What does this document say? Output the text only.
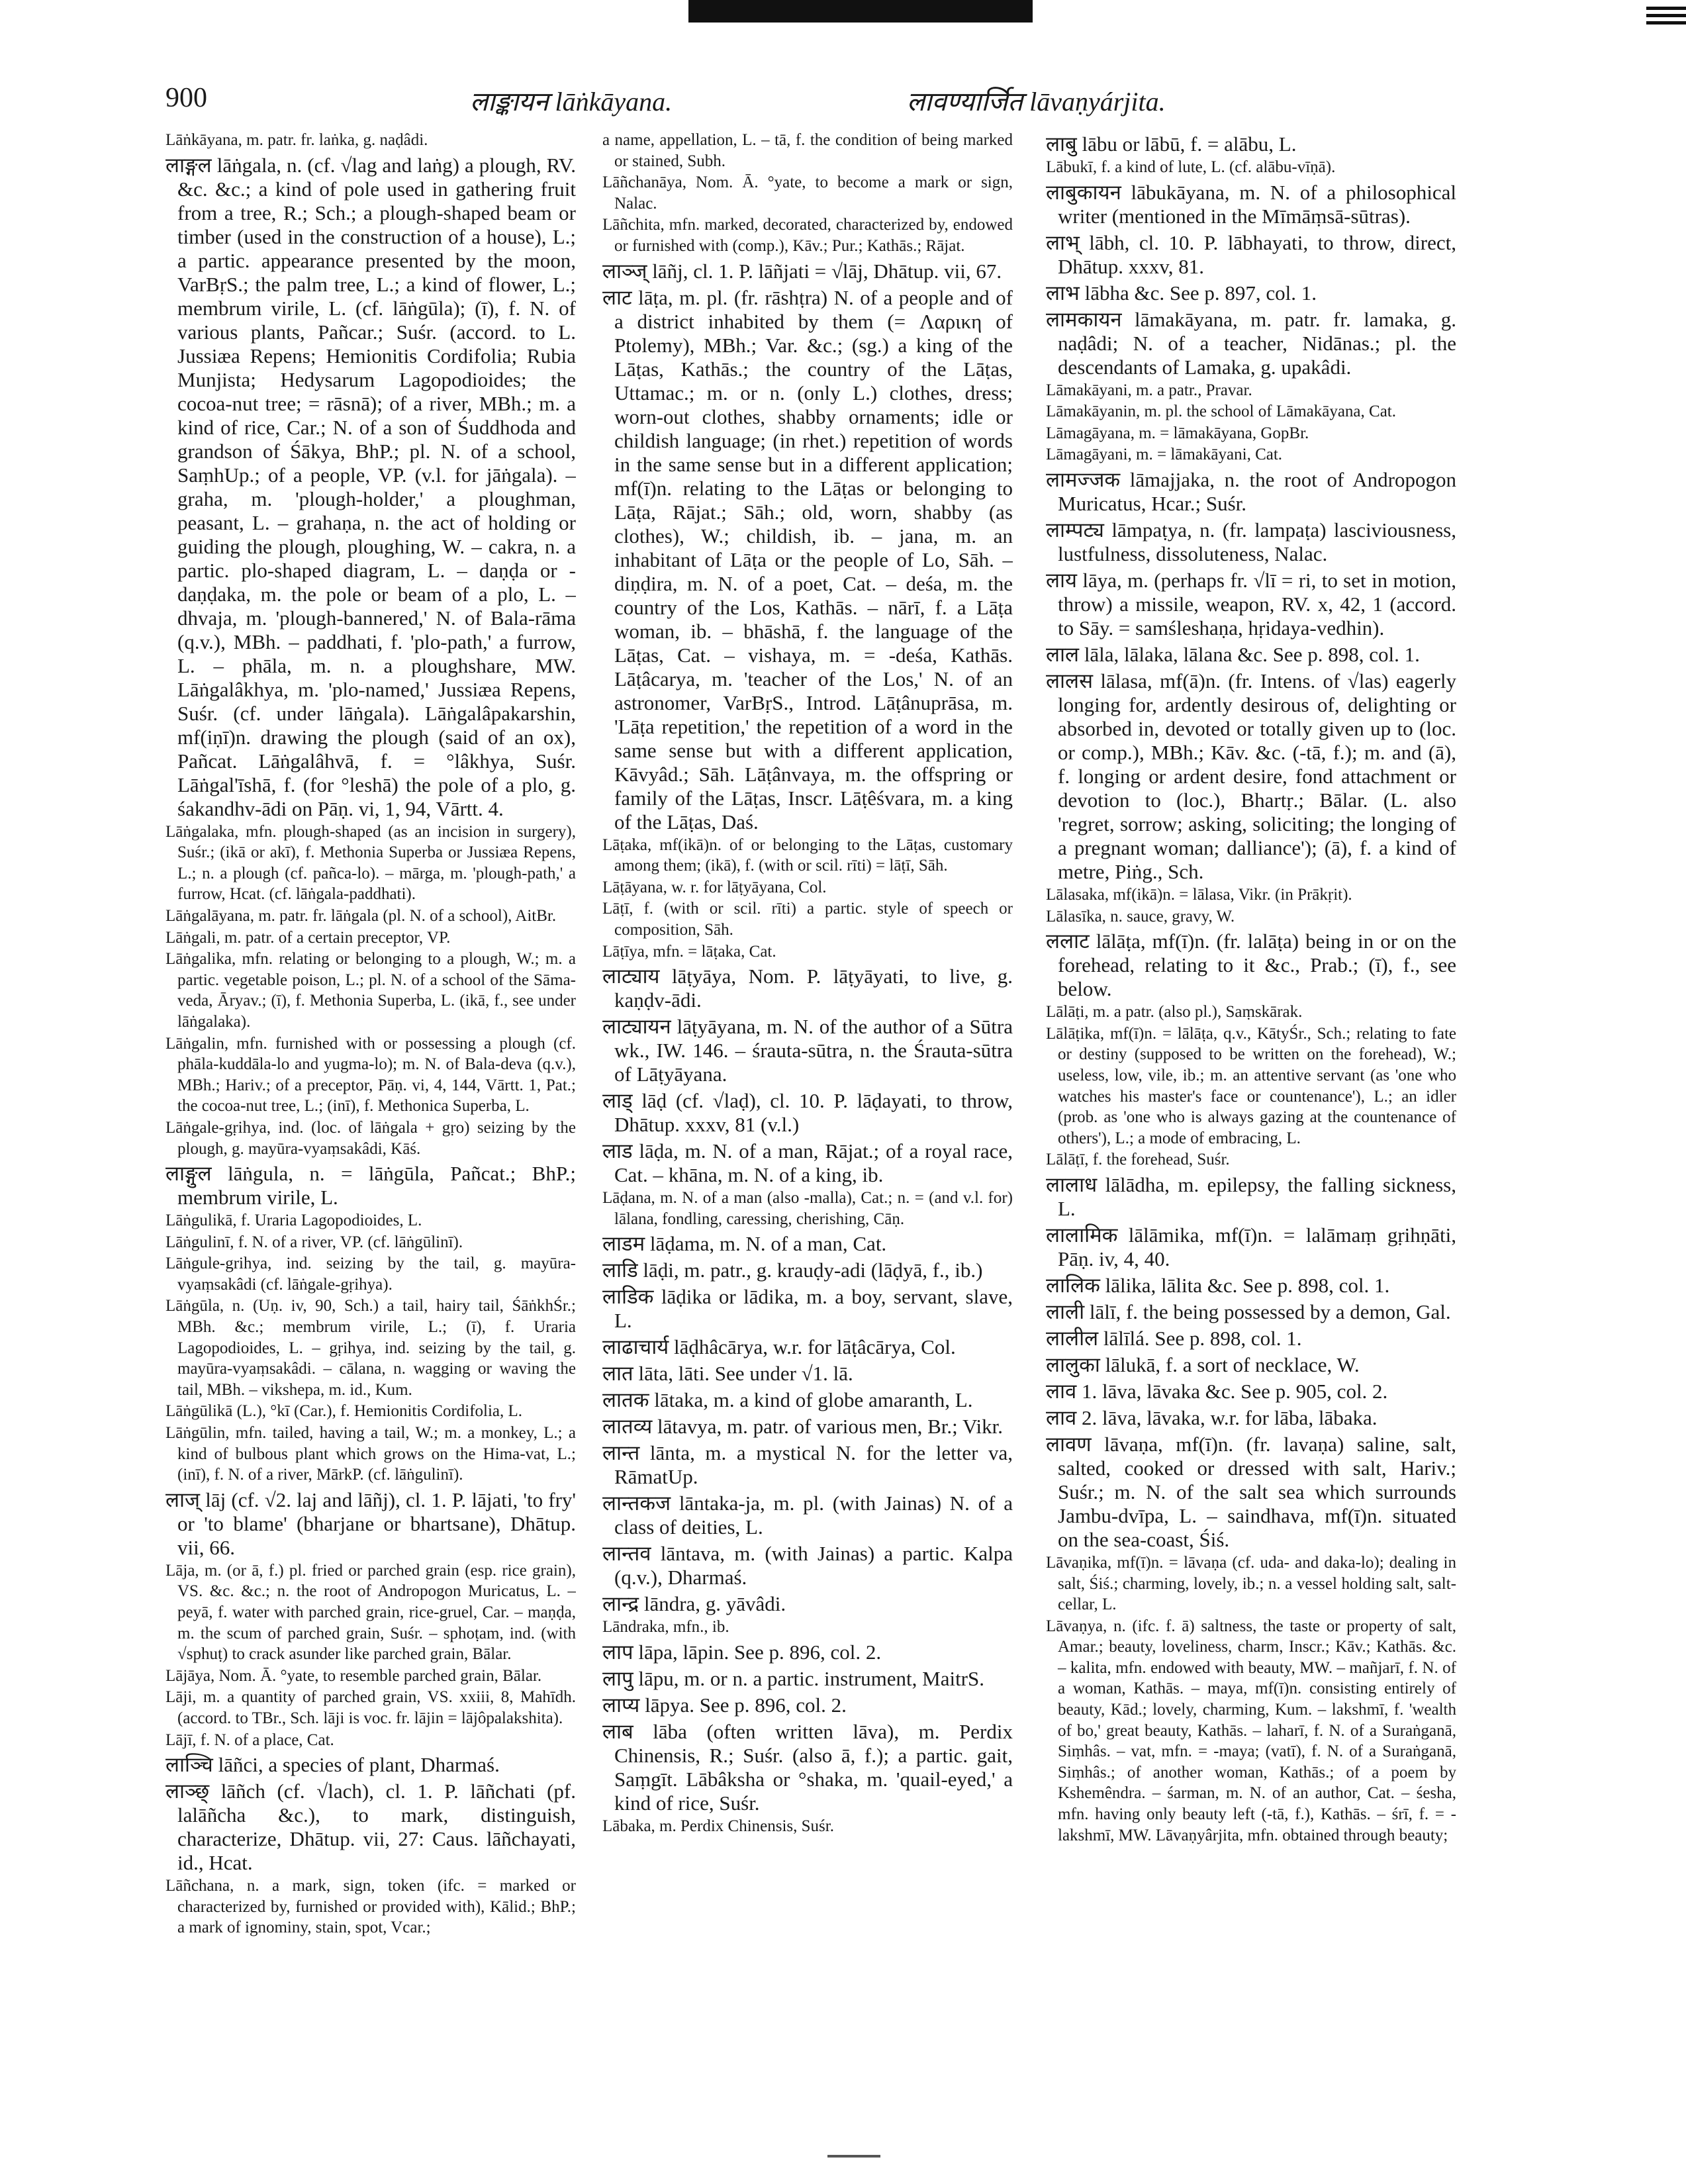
900	लाङ्कायन lāṅkāyana.	लावण्यार्जित lāvaṇyárjita.

Lāṅkāyana, m. patr. fr. laṅka, g. naḍâdi.

लाङ्गल lāṅgala, n. (cf. √lag and laṅg) a plough, RV. &c. &c.; a kind of pole used in gathering fruit from a tree, R.; Sch.; a plough-shaped beam or timber (used in the construction of a house), L.; a partic. appearance presented by the moon, VarBṛS.; the palm tree, L.; a kind of flower, L.; membrum virile, L. (cf. lāṅgūla); (ī), f. N. of various plants, Pañcar.; Suśr. (accord. to L. Jussiæa Repens; Hemionitis Cordifolia; Rubia Munjista; Hedysarum Lagopodioides; the cocoa-nut tree; = rāsnā); of a river, MBh.; m. a kind of rice, Car.; N. of a son of Śuddhoda and grandson of Śākya, BhP.; pl. N. of a school, SaṃhUp.; of a people, VP. (v.l. for jāṅgala). – graha, m. 'plough-holder,' a ploughman, peasant, L. – grahaṇa, n. the act of holding or guiding the plough, ploughing, W. – cakra, n. a partic. plo-shaped diagram, L. – daṇḍa or -daṇḍaka, m. the pole or beam of a plo, L. – dhvaja, m. 'plough-bannered,' N. of Bala-rāma (q.v.), MBh. – paddhati, f. 'plo-path,' a furrow, L. – phāla, m. n. a ploughshare, MW. Lāṅgalâkhya, m. 'plo-named,' Jussiæa Repens, Suśr. (cf. under lāṅgala). Lāṅgalâpakarshin, mf(iṇī)n. drawing the plough (said of an ox), Pañcat. Lāṅgalâhvā, f. = °lâkhya, Suśr. Lāṅgal'īshā, f. (for °leshā) the pole of a plo, g. śakandhv-ādi on Pāṇ. vi, 1, 94, Vārtt. 4.

Lāṅgalaka, mfn. plough-shaped (as an incision in surgery), Suśr.; (ikā or akī), f. Methonia Superba or Jussiæa Repens, L.; n. a plough (cf. pañca-lo). – mārga, m. 'plough-path,' a furrow, Hcat. (cf. lāṅgala-paddhati).

Lāṅgalāyana, m. patr. fr. lāṅgala (pl. N. of a school), AitBr.

Lāṅgali, m. patr. of a certain preceptor, VP.

Lāṅgalika, mfn. relating or belonging to a plough, W.; m. a partic. vegetable poison, L.; pl. N. of a school of the Sāma-veda, Āryav.; (ī), f. Methonia Superba, L. (ikā, f., see under lāṅgalaka).

Lāṅgalin, mfn. furnished with or possessing a plough (cf. phāla-kuddāla-lo and yugma-lo); m. N. of Bala-deva (q.v.), MBh.; Hariv.; of a preceptor, Pāṇ. vi, 4, 144, Vārtt. 1, Pat.; the cocoa-nut tree, L.; (inī), f. Methonica Superba, L.

Lāṅgale-gṛihya, ind. (loc. of lāṅgala + gṛo) seizing by the plough, g. mayūra-vyaṃsakâdi, Kāś.

लाङ्गुल lāṅgula, n. = lāṅgūla, Pañcat.; BhP.; membrum virile, L.

Lāṅgulikā, f. Uraria Lagopodioides, L.

Lāṅgulinī, f. N. of a river, VP. (cf. lāṅgūlinī).

Lāṅgule-grihya, ind. seizing by the tail, g. mayūra-vyaṃsakâdi (cf. lāṅgale-gṛihya).

Lāṅgūla, n. (Uṇ. iv, 90, Sch.) a tail, hairy tail, ŚāṅkhŚr.; MBh. &c.; membrum virile, L.; (ī), f. Uraria Lagopodioides, L. – gṛihya, ind. seizing by the tail, g. mayūra-vyaṃsakâdi. – cālana, n. wagging or waving the tail, MBh. – vikshepa, m. id., Kum.

Lāṅgūlikā (L.), °kī (Car.), f. Hemionitis Cordifolia, L.

Lāṅgūlin, mfn. tailed, having a tail, W.; m. a monkey, L.; a kind of bulbous plant which grows on the Hima-vat, L.; (inī), f. N. of a river, MārkP. (cf. lāṅgulinī).

लाज् lāj (cf. √2. laj and lāñj), cl. 1. P. lājati, 'to fry' or 'to blame' (bharjane or bhartsane), Dhātup. vii, 66.

Lāja, m. (or ā, f.) pl. fried or parched grain (esp. rice grain), VS. &c. &c.; n. the root of Andropogon Muricatus, L. – peyā, f. water with parched grain, rice-gruel, Car. – maṇḍa, m. the scum of parched grain, Suśr. – sphoṭam, ind. (with √sphuṭ) to crack asunder like parched grain, Bālar.

Lājāya, Nom. Ā. °yate, to resemble parched grain, Bālar.

Lāji, m. a quantity of parched grain, VS. xxiii, 8, Mahīdh. (accord. to TBr., Sch. lāji is voc. fr. lājin = lājôpalakshita).

Lājī, f. N. of a place, Cat.

लाञ्चि lāñci, a species of plant, Dharmaś.

लाञ्छ् lāñch (cf. √lach), cl. 1. P. lāñchati (pf. lalāñcha &c.), to mark, distinguish, characterize, Dhātup. vii, 27: Caus. lāñchayati, id., Hcat.

Lāñchana, n. a mark, sign, token (ifc. = marked or characterized by, furnished or provided with), Kālid.; BhP.; a mark of ignominy, stain, spot, Vcar.;

a name, appellation, L. – tā, f. the condition of being marked or stained, Subh.

Lāñchanāya, Nom. Ā. °yate, to become a mark or sign, Nalac.

Lāñchita, mfn. marked, decorated, characterized by, endowed or furnished with (comp.), Kāv.; Pur.; Kathās.; Rājat.

लाञ्ज् lāñj, cl. 1. P. lāñjati = √lāj, Dhātup. vii, 67.

लाट lāṭa, m. pl. (fr. rāshṭra) N. of a people and of a district inhabited by them (= Λαρικη of Ptolemy), MBh.; Var. &c.; (sg.) a king of the Lāṭas, Kathās.; the country of the Lāṭas, Uttamac.; m. or n. (only L.) clothes, dress; worn-out clothes, shabby ornaments; idle or childish language; (in rhet.) repetition of words in the same sense but in a different application; mf(ī)n. relating to the Lāṭas or belonging to Lāṭa, Rājat.; Sāh.; old, worn, shabby (as clothes), W.; childish, ib. – jana, m. an inhabitant of Lāṭa or the people of Lo, Sāh. – diṇḍira, m. N. of a poet, Cat. – deśa, m. the country of the Los, Kathās. – nārī, f. a Lāṭa woman, ib. – bhāshā, f. the language of the Lāṭas, Cat. – vishaya, m. = -deśa, Kathās. Lāṭâcarya, m. 'teacher of the Los,' N. of an astronomer, VarBṛS., Introd. Lāṭânuprāsa, m. 'Lāṭa repetition,' the repetition of a word in the same sense but with a different application, Kāvyâd.; Sāh. Lāṭânvaya, m. the offspring or family of the Lāṭas, Inscr. Lāṭêśvara, m. a king of the Lāṭas, Daś.

Lāṭaka, mf(ikā)n. of or belonging to the Lāṭas, customary among them; (ikā), f. (with or scil. rīti) = lāṭī, Sāh.

Lāṭāyana, w. r. for lāṭyāyana, Col.

Lāṭī, f. (with or scil. rīti) a partic. style of speech or composition, Sāh.

Lāṭīya, mfn. = lāṭaka, Cat.

लाट्याय lāṭyāya, Nom. P. lāṭyāyati, to live, g. kaṇḍv-ādi.

लाट्यायन lāṭyāyana, m. N. of the author of a Sūtra wk., IW. 146. – śrauta-sūtra, n. the Śrauta-sūtra of Lāṭyāyana.

लाड् lāḍ (cf. √laḍ), cl. 10. P. lāḍayati, to throw, Dhātup. xxxv, 81 (v.l.)

लाड lāḍa, m. N. of a man, Rājat.; of a royal race, Cat. – khāna, m. N. of a king, ib.

Lāḍana, m. N. of a man (also -malla), Cat.; n. = (and v.l. for) lālana, fondling, caressing, cherishing, Cāṇ.

लाडम lāḍama, m. N. of a man, Cat.

लाडि lāḍi, m. patr., g. krauḍy-adi (lāḍyā, f., ib.)

लाडिक lāḍika or lādika, m. a boy, servant, slave, L.

लाढाचार्य lāḍhâcārya, w.r. for lāṭâcārya, Col.

लात lāta, lāti. See under √1. lā.

लातक lātaka, m. a kind of globe amaranth, L.

लातव्य lātavya, m. patr. of various men, Br.; Vikr.

लान्त lānta, m. a mystical N. for the letter va, RāmatUp.

लान्तकज lāntaka-ja, m. pl. (with Jainas) N. of a class of deities, L.

लान्तव lāntava, m. (with Jainas) a partic. Kalpa (q.v.), Dharmaś.

लान्द्र lāndra, g. yāvâdi.

Lāndraka, mfn., ib.

लाप lāpa, lāpin. See p. 896, col. 2.

लापु lāpu, m. or n. a partic. instrument, MaitrS.

लाप्य lāpya. See p. 896, col. 2.

लाब lāba (often written lāva), m. Perdix Chinensis, R.; Suśr. (also ā, f.); a partic. gait, Saṃgīt. Lābâksha or °shaka, m. 'quail-eyed,' a kind of rice, Suśr.

Lābaka, m. Perdix Chinensis, Suśr.

लाबु lābu or lābū, f. = alābu, L.

Lābukī, f. a kind of lute, L. (cf. alābu-vīṇā).

लाबुकायन lābukāyana, m. N. of a philosophical writer (mentioned in the Mīmāṃsā-sūtras).

लाभ् lābh, cl. 10. P. lābhayati, to throw, direct, Dhātup. xxxv, 81.

लाभ lābha &c. See p. 897, col. 1.

लामकायन lāmakāyana, m. patr. fr. lamaka, g. naḍâdi; N. of a teacher, Nidānas.; pl. the descendants of Lamaka, g. upakâdi.

Lāmakāyani, m. a patr., Pravar.

Lāmakāyanin, m. pl. the school of Lāmakāyana, Cat.

Lāmagāyana, m. = lāmakāyana, GopBr.

Lāmagāyani, m. = lāmakāyani, Cat.

लामज्जक lāmajjaka, n. the root of Andropogon Muricatus, Hcar.; Suśr.

लाम्पट्य lāmpaṭya, n. (fr. lampaṭa) lasciviousness, lustfulness, dissoluteness, Nalac.

लाय lāya, m. (perhaps fr. √lī = ri, to set in motion, throw) a missile, weapon, RV. x, 42, 1 (accord. to Sāy. = samśleshaṇa, hṛidaya-vedhin).

लाल lāla, lālaka, lālana &c. See p. 898, col. 1.

लालस lālasa, mf(ā)n. (fr. Intens. of √las) eagerly longing for, ardently desirous of, delighting or absorbed in, devoted or totally given up to (loc. or comp.), MBh.; Kāv. &c. (-tā, f.); m. and (ā), f. longing or ardent desire, fond attachment or devotion to (loc.), Bhartṛ.; Bālar. (L. also 'regret, sorrow; asking, soliciting; the longing of a pregnant woman; dalliance'); (ā), f. a kind of metre, Piṅg., Sch.

Lālasaka, mf(ikā)n. = lālasa, Vikr. (in Prākṛit).

Lālasīka, n. sauce, gravy, W.

ललाट lālāṭa, mf(ī)n. (fr. lalāṭa) being in or on the forehead, relating to it &c., Prab.; (ī), f., see below.

Lālāṭi, m. a patr. (also pl.), Saṃskārak.

Lālāṭika, mf(ī)n. = lālāṭa, q.v., KātyŚr., Sch.; relating to fate or destiny (supposed to be written on the forehead), W.; useless, low, vile, ib.; m. an attentive servant (as 'one who watches his master's face or countenance'), L.; an idler (prob. as 'one who is always gazing at the countenance of others'), L.; a mode of embracing, L.

Lālāṭī, f. the forehead, Suśr.

लालाध lālādha, m. epilepsy, the falling sickness, L.

लालामिक lālāmika, mf(ī)n. = lalāmaṃ gṛihṇāti, Pāṇ. iv, 4, 40.

लालिक lālika, lālita &c. See p. 898, col. 1.

लाली lālī, f. the being possessed by a demon, Gal.

लालील lālīlá. See p. 898, col. 1.

लालुका lālukā, f. a sort of necklace, W.

लाव 1. lāva, lāvaka &c. See p. 905, col. 2.

लाव 2. lāva, lāvaka, w.r. for lāba, lābaka.

लावण lāvaṇa, mf(ī)n. (fr. lavaṇa) saline, salt, salted, cooked or dressed with salt, Hariv.; Suśr.; m. N. of the salt sea which surrounds Jambu-dvīpa, L. – saindhava, mf(ī)n. situated on the sea-coast, Śiś.

Lāvaṇika, mf(ī)n. = lāvaṇa (cf. uda- and daka-lo); dealing in salt, Śiś.; charming, lovely, ib.; n. a vessel holding salt, salt-cellar, L.

Lāvaṇya, n. (ifc. f. ā) saltness, the taste or property of salt, Amar.; beauty, loveliness, charm, Inscr.; Kāv.; Kathās. &c. – kalita, mfn. endowed with beauty, MW. – mañjarī, f. N. of a woman, Kathās. – maya, mf(ī)n. consisting entirely of beauty, Kād.; lovely, charming, Kum. – lakshmī, f. 'wealth of bo,' great beauty, Kathās. – laharī, f. N. of a Suraṅganā, Siṃhâs. – vat, mfn. = -maya; (vatī), f. N. of a Suraṅganā, Siṃhâs.; of another woman, Kathās.; of a poem by Kshemêndra. – śarman, m. N. of an author, Cat. – śesha, mfn. having only beauty left (-tā, f.), Kathās. – śrī, f. = -lakshmī, MW. Lāvaṇyârjita, mfn. obtained through beauty;
